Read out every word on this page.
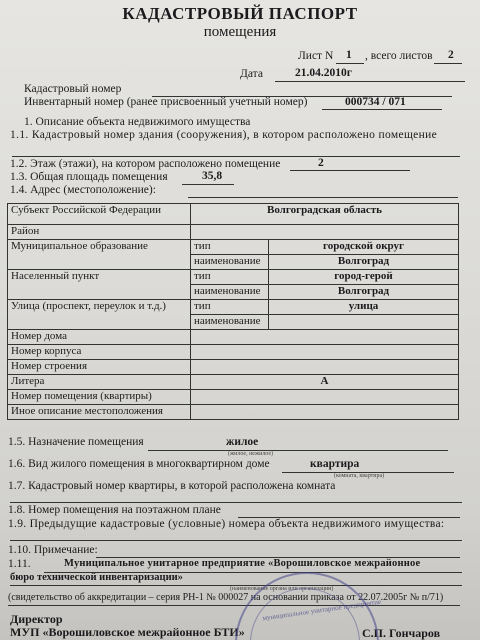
КАДАСТРОВЫЙ ПАСПОРТ
помещения
Лист N 1 , всего листов 2
Дата	21.04.2010г
Кадастровый номер
Инвентарный номер (ранее присвоенный учетный номер)	000734 / 071
1. Описание объекта недвижимого имущества
1.1. Кадастровый номер здания (сооружения), в котором расположено помещение
1.2. Этаж (этажи), на котором расположено помещение	2
1.3. Общая площадь помещения	35,8
1.4. Адрес (местоположение):
Субъект Российской Федерации	Волгоградская область	
Район		
Муниципальное образование	тип	городской округ
	наименование	Волгоград
Населенный пункт	тип	город-герой
	наименование	Волгоград
Улица (проспект, переулок и т.д.)	тип	улица
	наименование	
Номер дома		
Номер корпуса		
Номер строения		
Литера	А	
Номер помещения (квартиры)		
Иное описание местоположения		
1.5. Назначение помещения	жилое
(жилое, нежилое)
1.6. Вид жилого помещения в многоквартирном доме	квартира
(комната, квартира)
1.7. Кадастровый номер квартиры, в которой расположена комната
1.8. Номер помещения на поэтажном плане
1.9. Предыдущие кадастровые (условные) номера объекта недвижимого имущества:
1.10. Примечание:
1.11.	Муниципальное унитарное предприятие «Ворошиловское межрайонное
бюро технической инвентаризации»
(наименование органа или организации)
(свидетельство об аккредитации – серия РН-1 № 000027 на основании приказа от 22.07.2005г № п/71)
Директор
МУП «Ворошиловское межрайонное БТИ»	С.П. Гончаров
муниципальное унитарное предприятие
